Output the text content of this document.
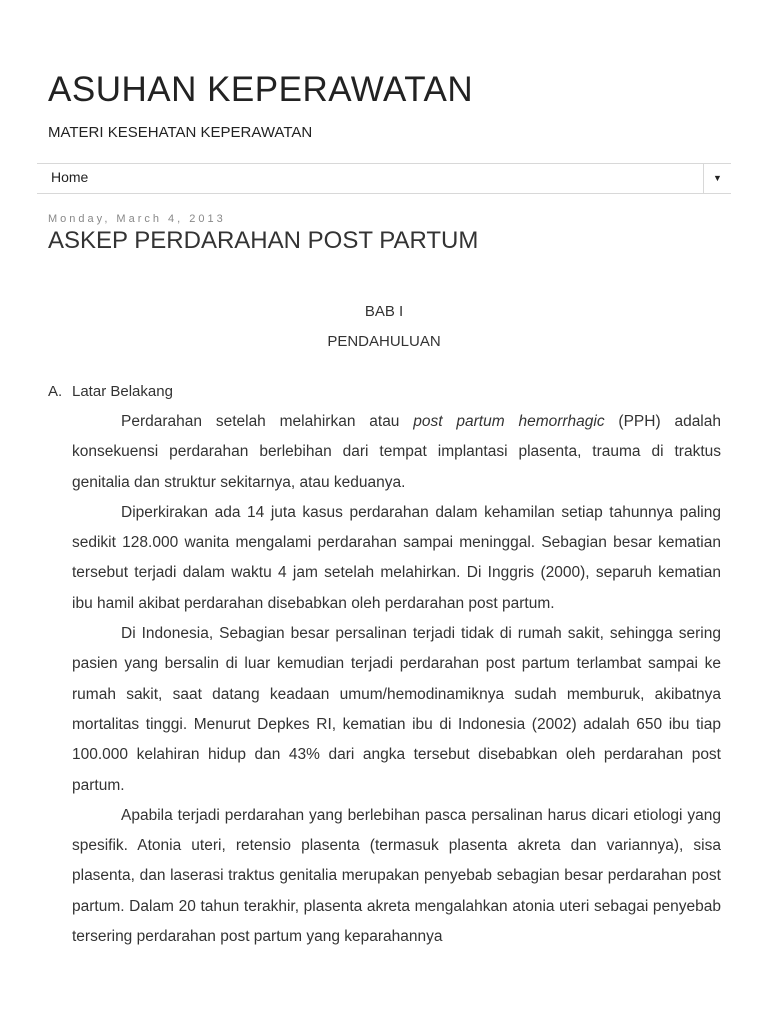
ASUHAN KEPERAWATAN
MATERI KESEHATAN KEPERAWATAN
Home	▼
Monday, March 4, 2013
ASKEP PERDARAHAN POST PARTUM
BAB I
PENDAHULUAN
A. Latar Belakang

Perdarahan setelah melahirkan atau post partum hemorrhagic (PPH) adalah konsekuensi perdarahan berlebihan dari tempat implantasi plasenta, trauma di traktus genitalia dan struktur sekitarnya, atau keduanya.

Diperkirakan ada 14 juta kasus perdarahan dalam kehamilan setiap tahunnya paling sedikit 128.000 wanita mengalami perdarahan sampai meninggal. Sebagian besar kematian tersebut terjadi dalam waktu 4 jam setelah melahirkan. Di Inggris (2000), separuh kematian ibu hamil akibat perdarahan disebabkan oleh perdarahan post partum.

Di Indonesia, Sebagian besar persalinan terjadi tidak di rumah sakit, sehingga sering pasien yang bersalin di luar kemudian terjadi perdarahan post partum terlambat sampai ke rumah sakit, saat datang keadaan umum/hemodinamiknya sudah memburuk, akibatnya mortalitas tinggi. Menurut Depkes RI, kematian ibu di Indonesia (2002) adalah 650 ibu tiap 100.000 kelahiran hidup dan 43% dari angka tersebut disebabkan oleh perdarahan post partum.

Apabila terjadi perdarahan yang berlebihan pasca persalinan harus dicari etiologi yang spesifik. Atonia uteri, retensio plasenta (termasuk plasenta akreta dan variannya), sisa plasenta, dan laserasi traktus genitalia merupakan penyebab sebagian besar perdarahan post partum. Dalam 20 tahun terakhir, plasenta akreta mengalahkan atonia uteri sebagai penyebab tersering perdarahan post partum yang keparahannya
